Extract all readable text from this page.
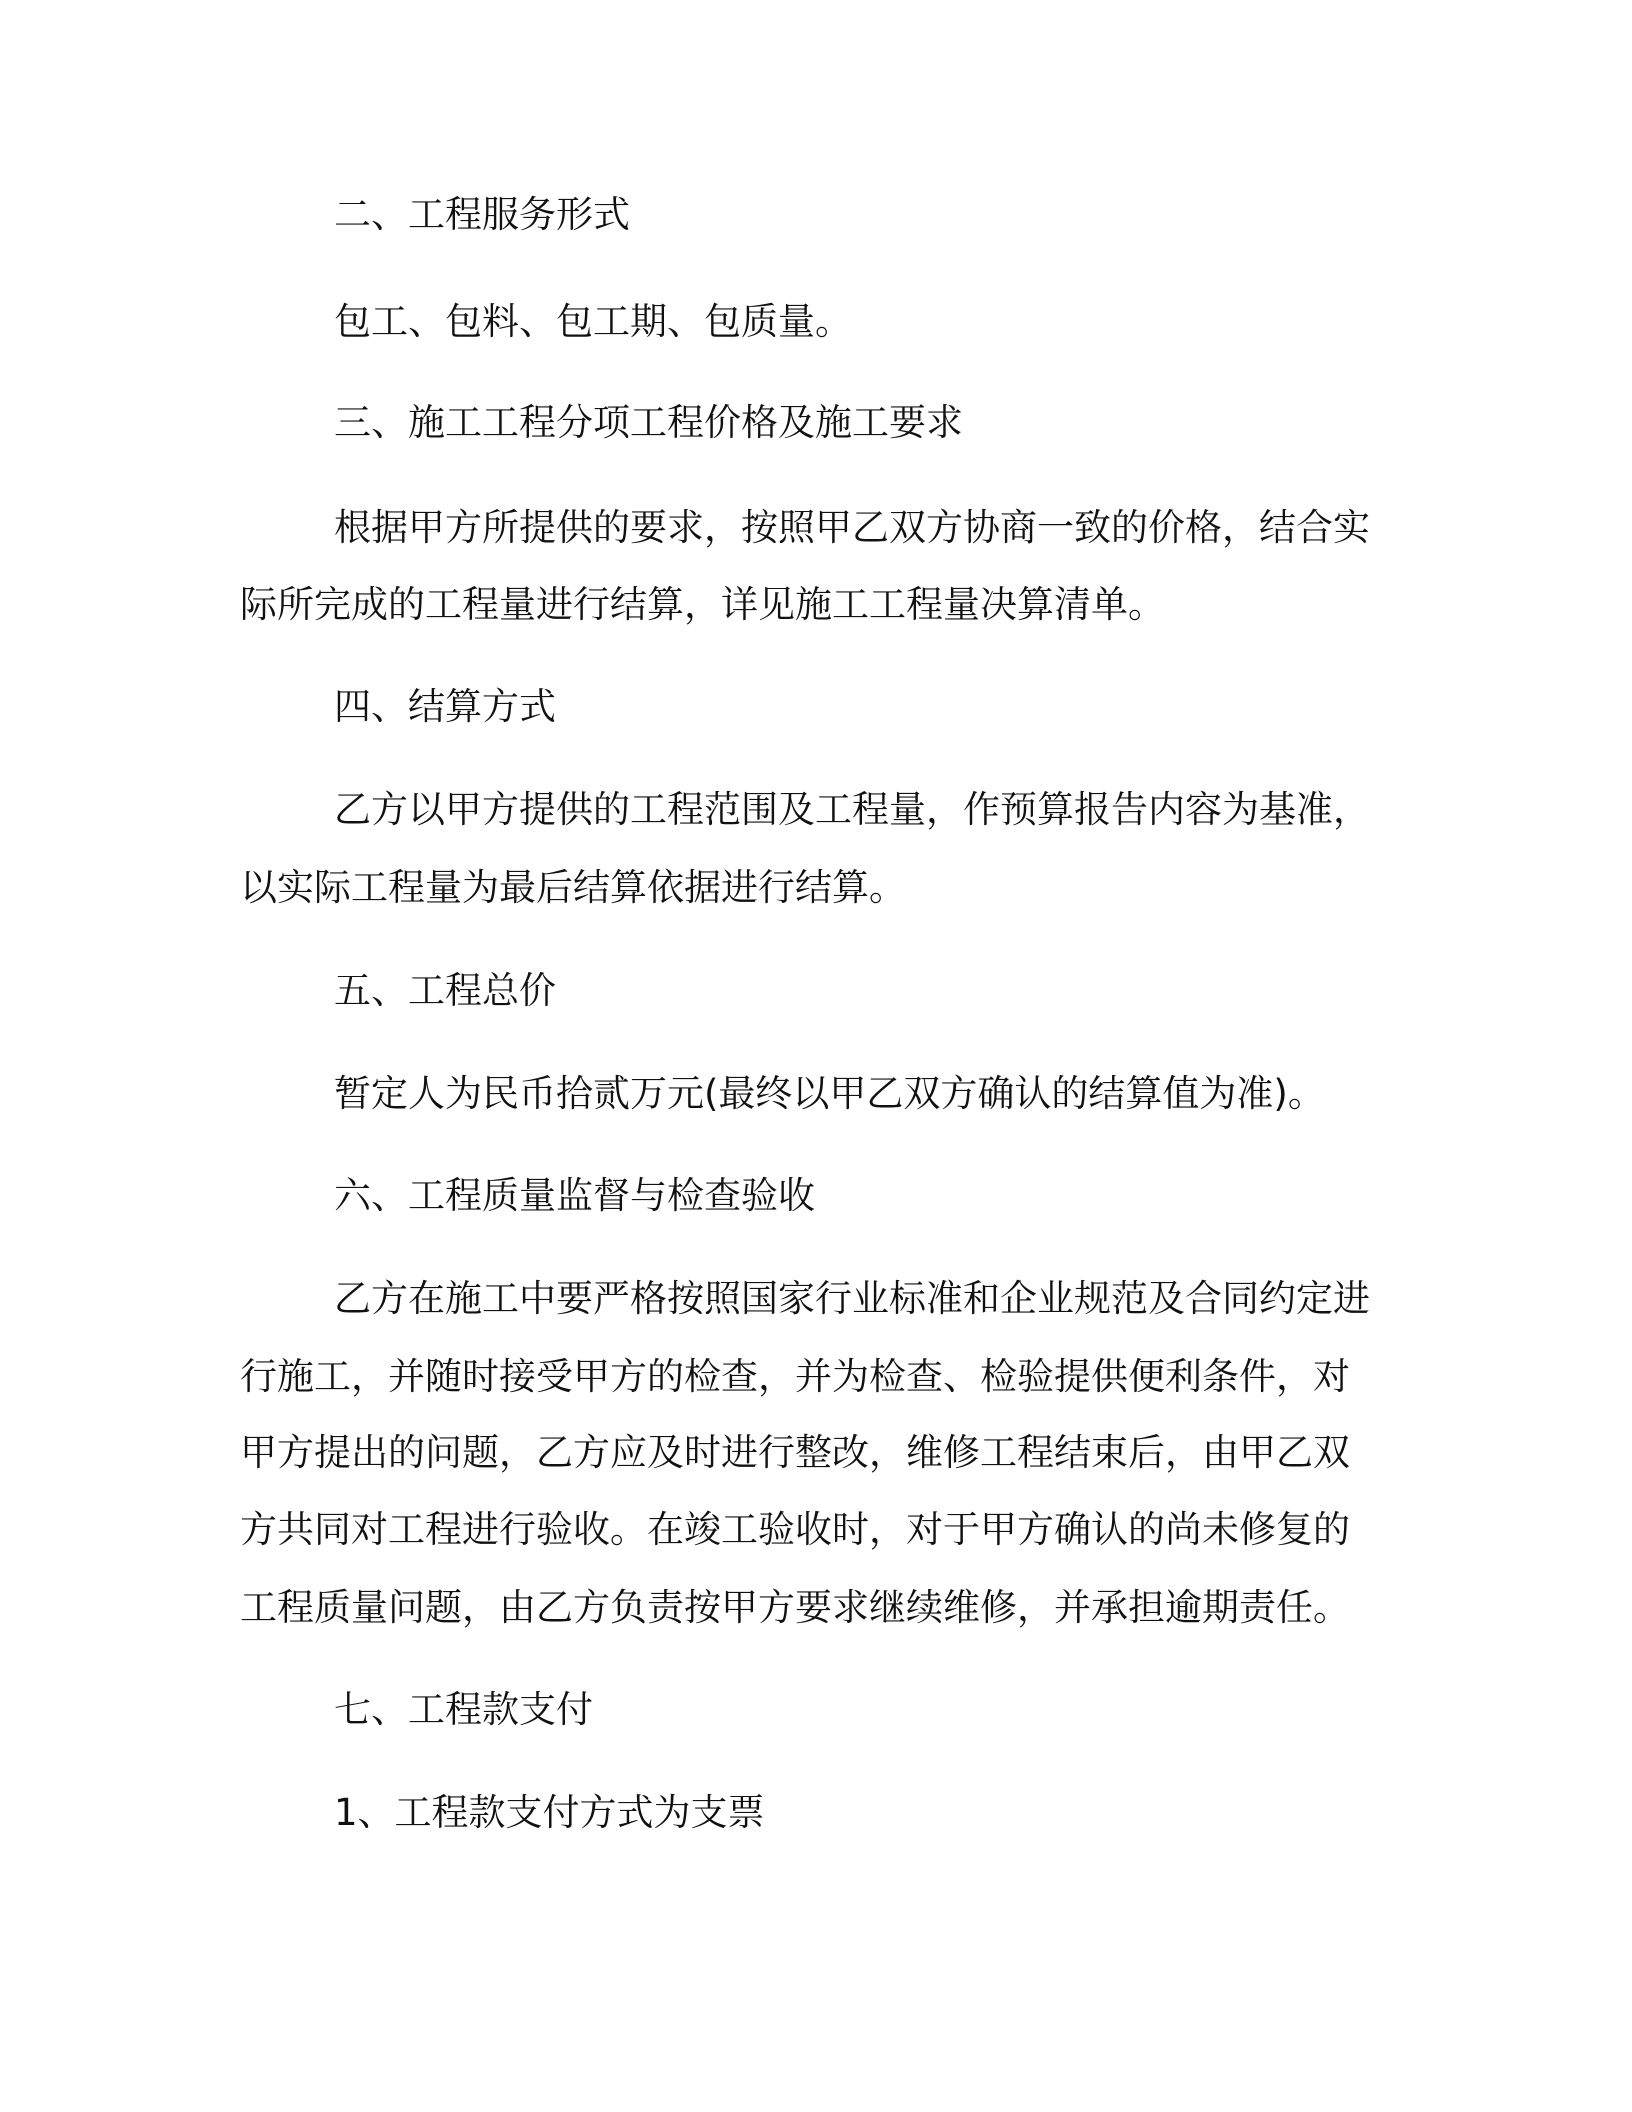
二、工程服务形式
包工、包料、包工期、包质量。
三、施工工程分项工程价格及施工要求
根据甲方所提供的要求，按照甲乙双方协商一致的价格，结合实
际所完成的工程量进行结算，详见施工工程量决算清单。
四、结算方式
乙方以甲方提供的工程范围及工程量，作预算报告内容为基准，
以实际工程量为最后结算依据进行结算。
五、工程总价
暂定人为民币拾贰万元(最终以甲乙双方确认的结算值为准)。
六、工程质量监督与检查验收
乙方在施工中要严格按照国家行业标准和企业规范及合同约定进
行施工，并随时接受甲方的检查，并为检查、检验提供便利条件，对
甲方提出的问题，乙方应及时进行整改，维修工程结束后，由甲乙双
方共同对工程进行验收。在竣工验收时，对于甲方确认的尚未修复的
工程质量问题，由乙方负责按甲方要求继续维修，并承担逾期责任。
七、工程款支付
1、工程款支付方式为支票
